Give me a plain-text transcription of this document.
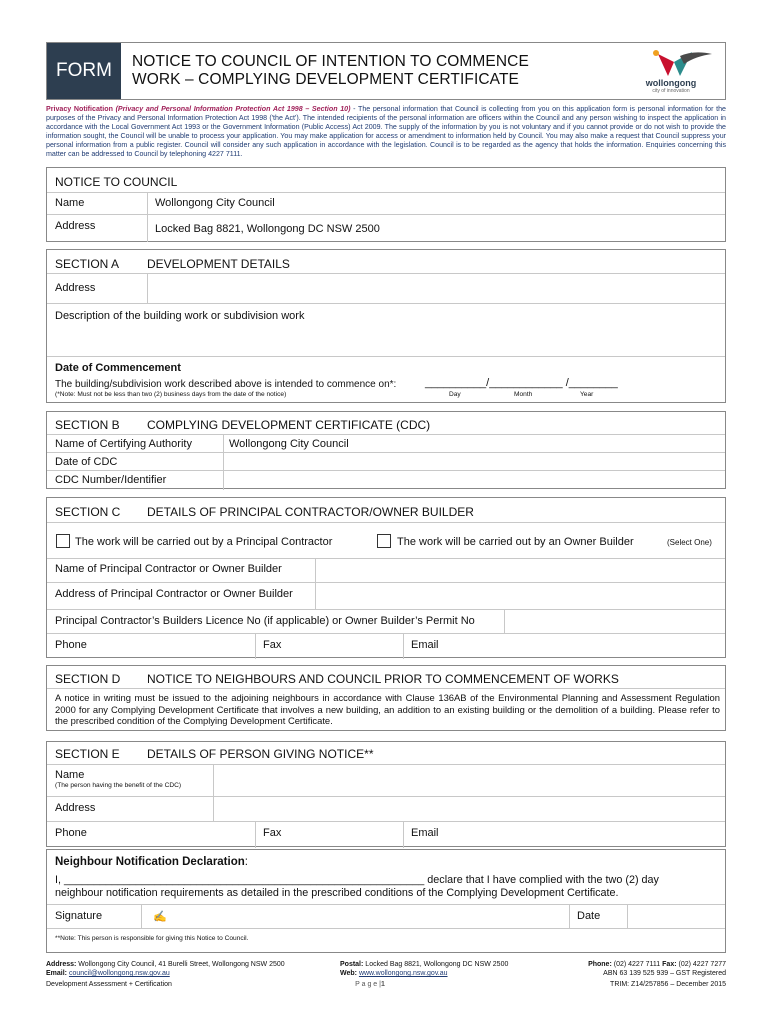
FORM	NOTICE TO COUNCIL OF INTENTION TO COMMENCE
WORK – COMPLYING DEVELOPMENT CERTIFICATE	wollongong
city of innovation
Privacy Notification (Privacy and Personal Information Protection Act 1998 – Section 10) - The personal information that Council is collecting from you on this application form is personal information for the purposes of the Privacy and Personal Information Protection Act 1998 ('the Act'). The intended recipients of the personal information are officers within the Council and any person wishing to inspect the application in accordance with the Local Government Act 1993 or the Government Information (Public Access) Act 2009. The supply of the information by you is not voluntary and if you cannot provide or do not wish to provide the information sought, the Council will be unable to process your application. You may make application for access or amendment to information held by Council. You may also make a request that Council suppress your personal information from a public register. Council will consider any such application in accordance with the legislation. Council is to be regarded as the agency that holds the information. Enquiries concerning this matter can be addressed to Council by telephoning 4227 7111.
NOTICE TO COUNCIL
Name	Wollongong City Council
Address	Locked Bag 8821, Wollongong DC NSW 2500
SECTION A DEVELOPMENT DETAILS
Address
Description of the building work or subdivision work
Date of Commencement
The building/subdivision work described above is intended to commence on*:	__________/____________ /________
(*Note: Must not be less than two (2) business days from the date of the notice)	Day	Month	Year
SECTION B COMPLYING DEVELOPMENT CERTIFICATE (CDC)
Name of Certifying Authority	Wollongong City Council
Date of CDC
CDC Number/Identifier
SECTION C DETAILS OF PRINCIPAL CONTRACTOR/OWNER BUILDER
The work will be carried out by a Principal Contractor	The work will be carried out by an Owner Builder	(Select One)
Name of Principal Contractor or Owner Builder
Address of Principal Contractor or Owner Builder
Principal Contractor’s Builders Licence No (if applicable) or Owner Builder’s Permit No
Phone	Fax	Email
SECTION D NOTICE TO NEIGHBOURS AND COUNCIL PRIOR TO COMMENCEMENT OF WORKS
A notice in writing must be issued to the adjoining neighbours in accordance with Clause 136AB of the Environmental Planning and Assessment Regulation 2000 for any Complying Development Certificate that involves a new building, an addition to an existing building or the demolition of a building. Please refer to the prescribed condition of the Complying Development Certificate.
SECTION E DETAILS OF PERSON GIVING NOTICE**
Name
(The person having the benefit of the CDC)
Address
Phone	Fax	Email
Neighbour Notification Declaration:
I, ____________________________________________________________ declare that I have complied with the two (2) day
neighbour notification requirements as detailed in the prescribed conditions of the Complying Development Certificate.
Signature	✍	Date
**Note: This person is responsible for giving this Notice to Council.
Address: Wollongong City Council, 41 Burelli Street, Wollongong NSW 2500
Email: council@wollongong.nsw.gov.au
Development Assessment + Certification
Postal: Locked Bag 8821, Wollongong DC NSW 2500
Web: www.wollongong.nsw.gov.au
P a g e |1
Phone: (02) 4227 7111 Fax: (02) 4227 7277
ABN 63 139 525 939 – GST Registered
TRIM: Z14/257856 – December 2015
